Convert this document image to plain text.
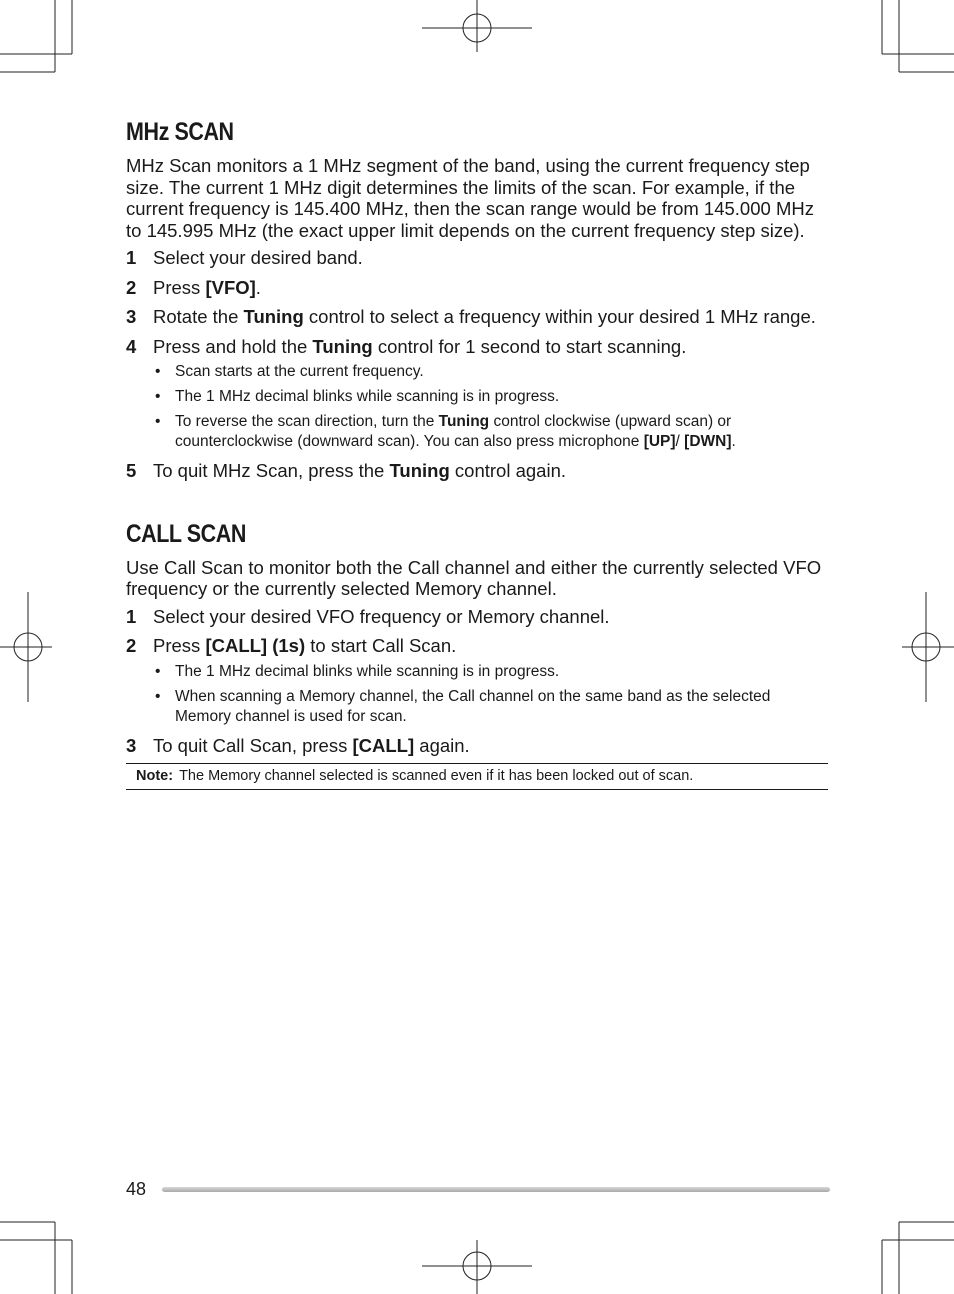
MHz SCAN

MHz Scan monitors a 1 MHz segment of the band, using the current frequency step size. The current 1 MHz digit determines the limits of the scan. For example, if the current frequency is 145.400 MHz, then the scan range would be from 145.000 MHz to 145.995 MHz (the exact upper limit depends on the current frequency step size).

1 Select your desired band.
2 Press [VFO].
3 Rotate the Tuning control to select a frequency within your desired 1 MHz range.
4 Press and hold the Tuning control for 1 second to start scanning.
• Scan starts at the current frequency.
• The 1 MHz decimal blinks while scanning is in progress.
• To reverse the scan direction, turn the Tuning control clockwise (upward scan) or counterclockwise (downward scan). You can also press microphone [UP]/ [DWN].
5 To quit MHz Scan, press the Tuning control again.
CALL SCAN

Use Call Scan to monitor both the Call channel and either the currently selected VFO frequency or the currently selected Memory channel.

1 Select your desired VFO frequency or Memory channel.
2 Press [CALL] (1s) to start Call Scan.
• The 1 MHz decimal blinks while scanning is in progress.
• When scanning a Memory channel, the Call channel on the same band as the selected Memory channel is used for scan.
3 To quit Call Scan, press [CALL] again.
Note: The Memory channel selected is scanned even if it has been locked out of scan.
48
